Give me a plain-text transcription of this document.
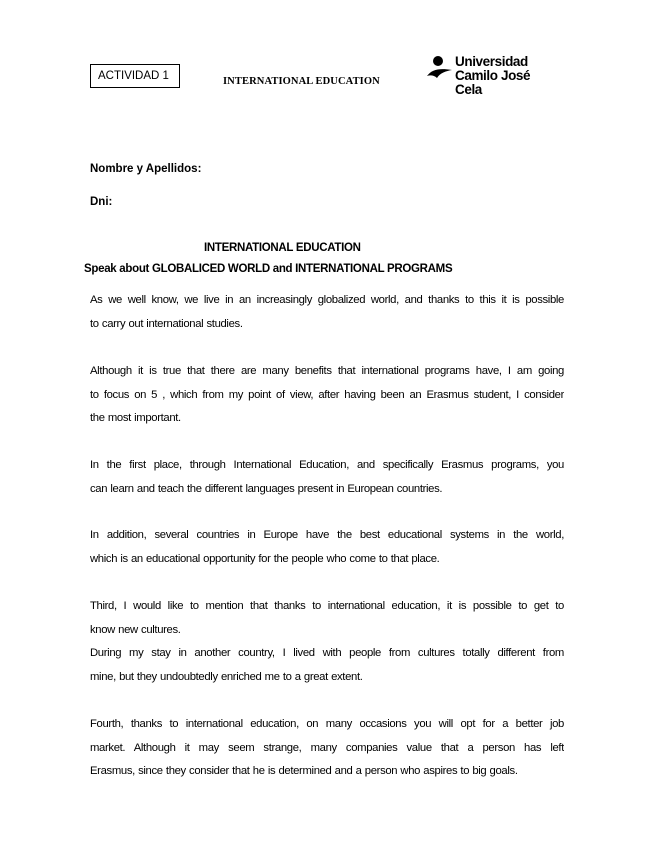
ACTIVIDAD 1	INTERNATIONAL EDUCATION
Universidad
Camilo José Cela
Nombre y Apellidos:
Dni:
INTERNATIONAL EDUCATION
Speak about GLOBALICED WORLD and INTERNATIONAL PROGRAMS
As we well know, we live in an increasingly globalized world, and thanks to this it is possible
to carry out international studies.
Although it is true that there are many benefits that international programs have, I am going
to focus on 5 , which from my point of view, after having been an Erasmus student, I consider
the most important.
In the first place, through International Education, and specifically Erasmus programs, you
can learn and teach the different languages present in European countries.
In addition, several countries in Europe have the best educational systems in the world,
which is an educational opportunity for the people who come to that place.
Third, I would like to mention that thanks to international education, it is possible to get to
know new cultures.
During my stay in another country, I lived with people from cultures totally different from
mine, but they undoubtedly enriched me to a great extent.
Fourth, thanks to international education, on many occasions you will opt for a better job
market. Although it may seem strange, many companies value that a person has left
Erasmus, since they consider that he is determined and a person who aspires to big goals.
